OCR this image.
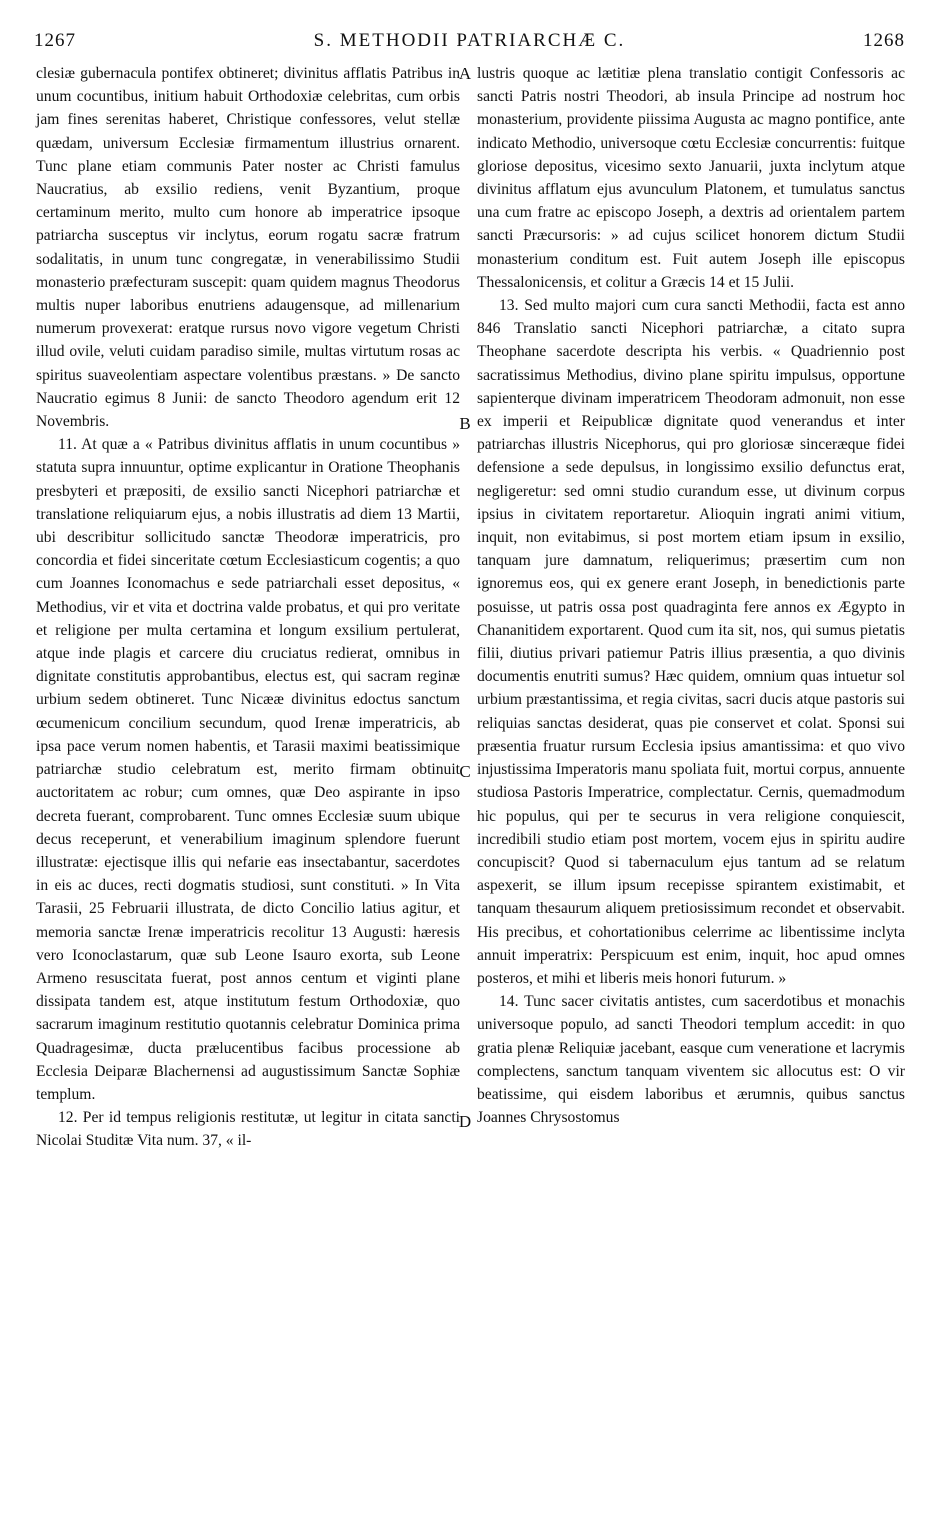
1267	S. METHODII PATRIARCHÆ C.	1268

clesiæ gubernacula pontifex obtineret; divinitus afflatis Patribus in unum cocuntibus, initium habuit Orthodoxiæ celebritas, cum orbis jam fines serenitas haberet, Christique confessores, velut stellæ quædam, universum Ecclesiæ firmamentum illustrius ornarent. Tunc plane etiam communis Pater noster ac Christi famulus Naucratius, ab exsilio rediens, venit Byzantium, proque certaminum merito, multo cum honore ab imperatrice ipsoque patriarcha susceptus vir inclytus, eorum rogatu sacræ fratrum sodalitatis, in unum tunc congregatæ, in venerabilissimo Studii monasterio præfecturam suscepit: quam quidem magnus Theodorus multis nuper laboribus enutriens adaugensque, ad millenarium numerum provexerat: eratque rursus novo vigore vegetum Christi illud ovile, veluti cuidam paradiso simile, multas virtutum rosas ac spiritus suaveolentiam aspectare volentibus præstans. » De sancto Naucratio egimus 8 Junii: de sancto Theodoro agendum erit 12 Novembris.

11. At quæ a « Patribus divinitus afflatis in unum cocuntibus » statuta supra innuuntur, optime explicantur in Oratione Theophanis presbyteri et præpositi, de exsilio sancti Nicephori patriarchæ et translatione reliquiarum ejus, a nobis illustratis ad diem 13 Martii, ubi describitur sollicitudo sanctæ Theodoræ imperatricis, pro concordia et fidei sinceritate cœtum Ecclesiasticum cogentis; a quo cum Joannes Iconomachus e sede patriarchali esset depositus, « Methodius, vir et vita et doctrina valde probatus, et qui pro veritate et religione per multa certamina et longum exsilium pertulerat, atque inde plagis et carcere diu cruciatus redierat, omnibus in dignitate constitutis approbantibus, electus est, qui sacram reginæ urbium sedem obtineret. Tunc Nicææ divinitus edoctus sanctum œcumenicum concilium secundum, quod Irenæ imperatricis, ab ipsa pace verum nomen habentis, et Tarasii maximi beatissimique patriarchæ studio celebratum est, merito firmam obtinuit auctoritatem ac robur; cum omnes, quæ Deo aspirante in ipso decreta fuerant, comprobarent. Tunc omnes Ecclesiæ suum ubique decus receperunt, et venerabilium imaginum splendore fuerunt illustratæ: ejectisque illis qui nefarie eas insectabantur, sacerdotes in eis ac duces, recti dogmatis studiosi, sunt constituti. » In Vita Tarasii, 25 Februarii illustrata, de dicto Concilio latius agitur, et memoria sanctæ Irenæ imperatricis recolitur 13 Augusti: hæresis vero Iconoclastarum, quæ sub Leone Isauro exorta, sub Leone Armeno resuscitata fuerat, post annos centum et viginti plane dissipata tandem est, atque institutum festum Orthodoxiæ, quo sacrarum imaginum restitutio quotannis celebratur Dominica prima Quadragesimæ, ducta prælucentibus facibus processione ab Ecclesia Deiparæ Blachernensi ad augustissimum Sanctæ Sophiæ templum.

12. Per id tempus religionis restitutæ, ut legitur in citata sancti Nicolai Studitæ Vita num. 37, « il-

lustris quoque ac lætitiæ plena translatio contigit Confessoris ac sancti Patris nostri Theodori, ab insula Principe ad nostrum hoc monasterium, providente piissima Augusta ac magno pontifice, ante indicato Methodio, universoque cœtu Ecclesiæ concurrentis: fuitque gloriose depositus, vicesimo sexto Januarii, juxta inclytum atque divinitus afflatum ejus avunculum Platonem, et tumulatus sanctus una cum fratre ac episcopo Joseph, a dextris ad orientalem partem sancti Præcursoris: » ad cujus scilicet honorem dictum Studii monasterium conditum est. Fuit autem Joseph ille episcopus Thessalonicensis, et colitur a Græcis 14 et 15 Julii.

13. Sed multo majori cum cura sancti Methodii, facta est anno 846 Translatio sancti Nicephori patriarchæ, a citato supra Theophane sacerdote descripta his verbis. « Quadriennio post sacratissimus Methodius, divino plane spiritu impulsus, opportune sapienterque divinam imperatricem Theodoram admonuit, non esse ex imperii et Reipublicæ dignitate quod venerandus et inter patriarchas illustris Nicephorus, qui pro gloriosæ sinceræque fidei defensione a sede depulsus, in longissimo exsilio defunctus erat, negligeretur: sed omni studio curandum esse, ut divinum corpus ipsius in civitatem reportaretur. Alioquin ingrati animi vitium, inquit, non evitabimus, si post mortem etiam ipsum in exsilio, tanquam jure damnatum, reliquerimus; præsertim cum non ignoremus eos, qui ex genere erant Joseph, in benedictionis parte posuisse, ut patris ossa post quadraginta fere annos ex Ægypto in Chananitidem exportarent. Quod cum ita sit, nos, qui sumus pietatis filii, diutius privari patiemur Patris illius præsentia, a quo divinis documentis enutriti sumus? Hæc quidem, omnium quas intuetur sol urbium præstantissima, et regia civitas, sacri ducis atque pastoris sui reliquias sanctas desiderat, quas pie conservet et colat. Sponsi sui præsentia fruatur rursum Ecclesia ipsius amantissima: et quo vivo injustissima Imperatoris manu spoliata fuit, mortui corpus, annuente studiosa Pastoris Imperatrice, complectatur. Cernis, quemadmodum hic populus, qui per te securus in vera religione conquiescit, incredibili studio etiam post mortem, vocem ejus in spiritu audire concupiscit? Quod si tabernaculum ejus tantum ad se relatum aspexerit, se illum ipsum recepisse spirantem existimabit, et tanquam thesaurum aliquem pretiosissimum recondet et observabit. His precibus, et cohortationibus celerrime ac libentissime inclyta annuit imperatrix: Perspicuum est enim, inquit, hoc apud omnes posteros, et mihi et liberis meis honori futurum. »

14. Tunc sacer civitatis antistes, cum sacerdotibus et monachis universoque populo, ad sancti Theodori templum accedit: in quo gratia plenæ Reliquiæ jacebant, easque cum veneratione et lacrymis complectens, sanctum tanquam viventem sic allocutus est: O vir beatissime, qui eisdem laboribus et ærumnis, quibus sanctus Joannes Chrysostomus

A
B
C
D
